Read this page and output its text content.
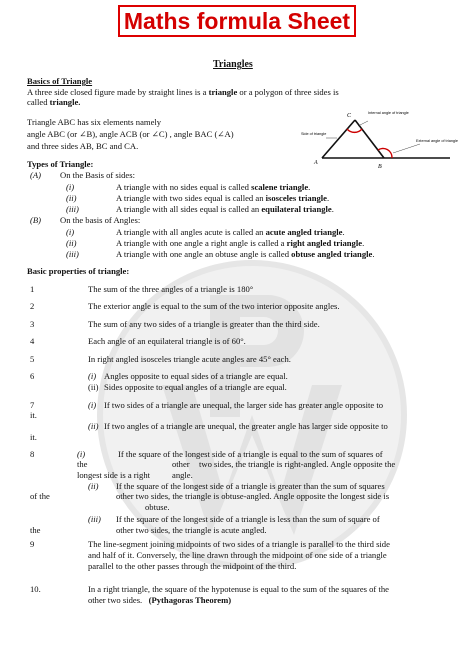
Maths formula Sheet
Triangles
Basics of Triangle
A three side closed figure made by straight lines is a triangle or a polygon of three sides is
called triangle.
Triangle ABC has six elements namely
angle ABC (or ∠B), angle ACB (or ∠C) , angle BAC (∠A)
and three sides AB, BC and CA.
C
A
B
Side of triangle
Internal angle of triangle
External angle of triangle
Types of Triangle:
(A) On the Basis of sides:
(i)	A triangle with no sides equal is called scalene triangle.
(ii)	A triangle with two sides equal is called an isosceles triangle.
(iii)	A triangle with all sides equal is called an equilateral triangle.
(B) On the basis of Angles:
(i)	A triangle with all angles acute is called an acute angled triangle.
(ii)	A triangle with one angle a right angle is called a right angled triangle.
(iii)	A triangle with one angle an obtuse angle is called obtuse angled triangle.
Basic properties of triangle:
1	The sum of the three angles of a triangle is 180°
2	The exterior angle is equal to the sum of the two interior opposite angles.
3	The sum of any two sides of a triangle is greater than the third side.
4	Each angle of an equilateral triangle is of 60°.
5	In right angled isosceles triangle acute angles are 45° each.
6	(i) Angles opposite to equal sides of a triangle are equal.
(ii) Sides opposite to equal angles of a triangle are equal.
7	(i) If two sides of a triangle are unequal, the larger side has greater angle opposite to
it.
(ii) If two angles of a triangle are unequal, the greater angle has larger side opposite to
it.
8	(i)	If the square of the longest side of a triangle is equal to the sum of squares of
the	other two sides, the triangle is right-angled. Angle opposite the
longest side is a right	angle.
(ii) If the square of the longest side of a triangle is greater than the sum of squares
of the	other two sides, the triangle is obtuse-angled. Angle opposite the longest side is
obtuse.
(iii) If the square of the longest side of a triangle is less than the sum of square of
the	other two sides, the triangle is acute angled.
9	The line-segment joining midpoints of two sides of a triangle is parallel to the third side
and half of it. Conversely, the line drawn through the midpoint of one side of a triangle
parallel to the other passes through the midpoint of the third.
10.	In a right triangle, the square of the hypotenuse is equal to the sum of the squares of the
other two sides. (Pythagoras Theorem)
